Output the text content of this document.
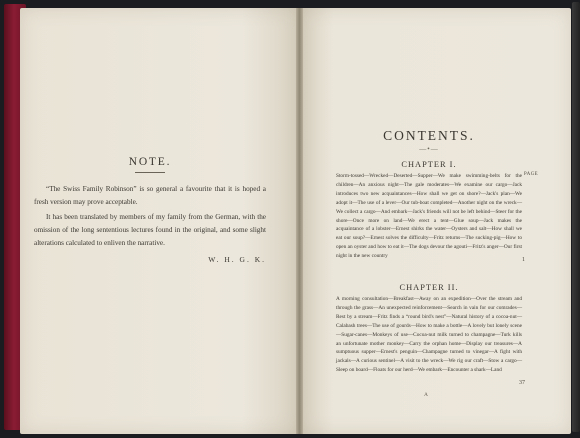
NOTE.

“The Swiss Family Robinson” is so general a favourite that it is hoped a fresh version may prove acceptable.

It has been translated by members of my family from the German, with the omission of the long sententious lectures found in the original, and some slight alterations calculated to enliven the narrative.

W. H. G. K.
CONTENTS.
—•—
CHAPTER I.

Storm-tossed—Wrecked—Deserted—Supper—We make swimming-belts for the children—An anxious night—The gale moderates—We examine our cargo—Jack introduces two new acquaintances—How shall we get on shore?—Jack's plan—We adopt it—The use of a lever—Our tub-boat completed—Another night on the wreck—We collect a cargo—And embark—Jack's friends will not be left behind—Steer for the shore—Once more on land—We erect a tent—Glue soup—Jack makes the acquaintance of a lobster—Ernest shirks the water—Oysters and salt—How shall we eat our soup?—Ernest solves the difficulty—Fritz returns—The sucking-pig—How to open an oyster and how to eat it—The dogs devour the agouti—Fritz's anger—Our first night in the new country

PAGE
1
CHAPTER II.

A morning consultation—Breakfast—Away on an expedition—Over the stream and through the grass—An unexpected reinforcement—Search in vain for our comrades—Rest by a stream—Fritz finds a “round bird's nest”—Natural history of a cocoa-nut—Calabash trees—The use of gourds—How to make a bottle—A lovely but lonely scene—Sugar-canes—Monkeys of use—Cocoa-nut milk turned to champagne—Turk kills an unfortunate mother monkey—Carry the orphan home—Display our treasures—A sumptuous supper—Ernest's penguin—Champagne turned to vinegar—A fight with jackals—A curious sentinel—A visit to the wreck—We rig our craft—Stow a cargo—Sleep on board—Floats for our herd—We embark—Encounter a shark—Land

37
A
